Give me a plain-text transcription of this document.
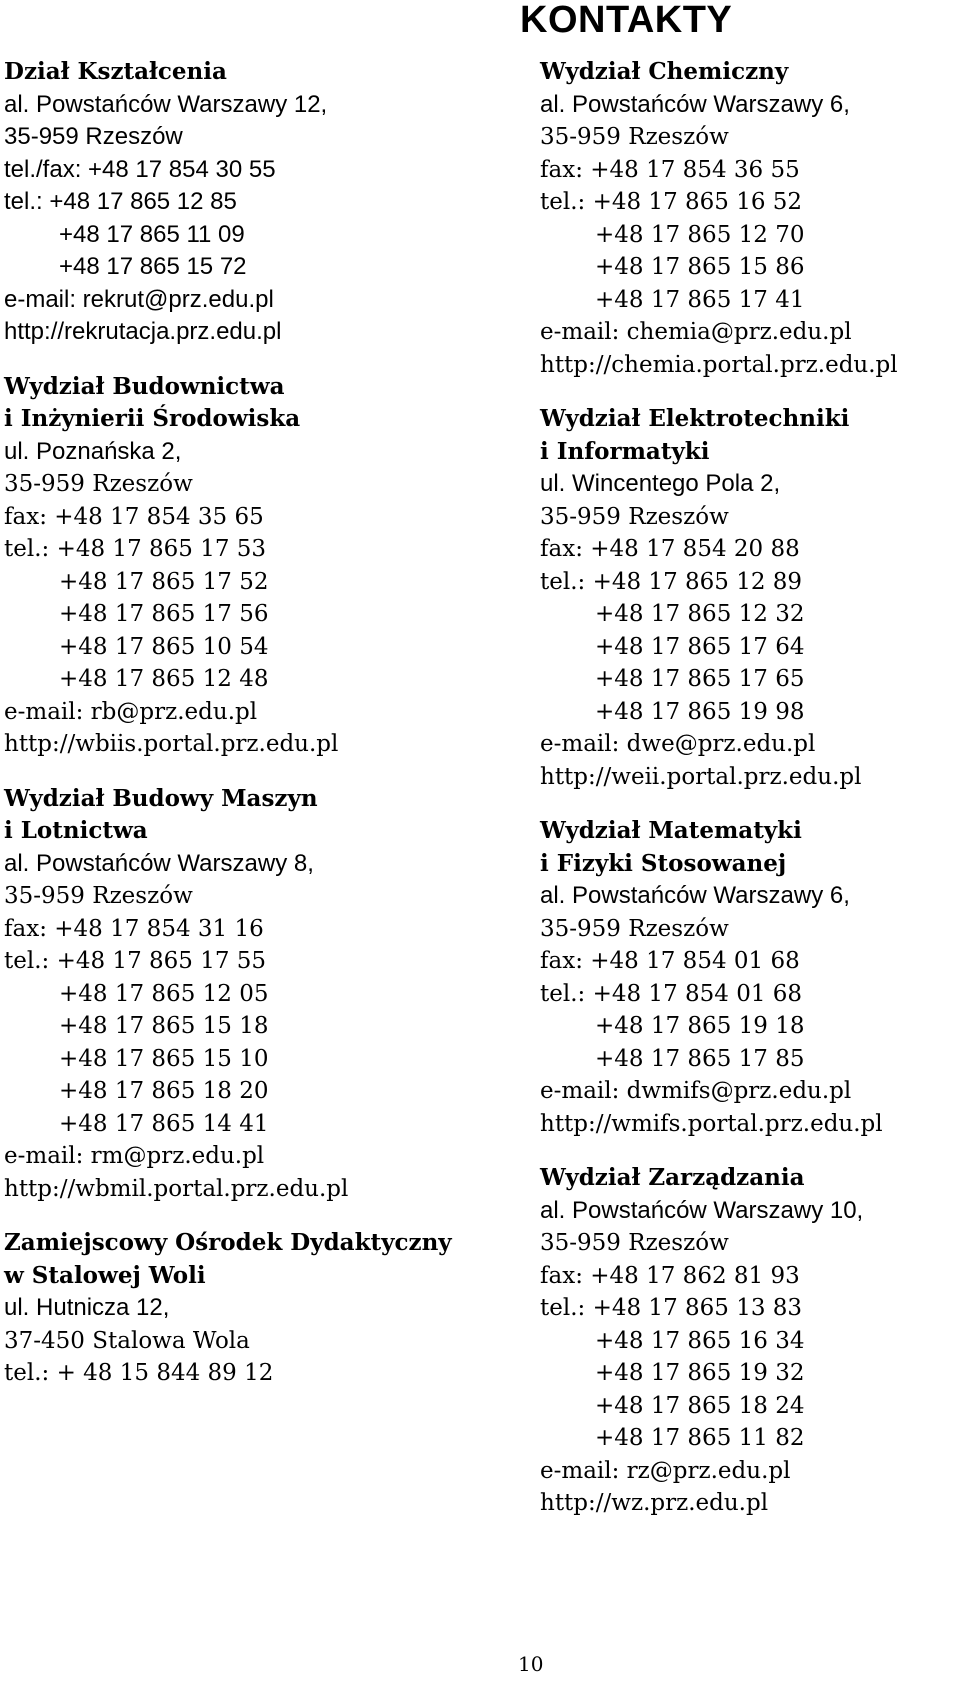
KONTAKTY
Dział Kształcenia
al. Powstańców Warszawy 12,
35-959 Rzeszów
tel./fax: +48 17 854 30 55
tel.: +48 17 865 12 85
+48 17 865 11 09
+48 17 865 15 72
e-mail: rekrut@prz.edu.pl
http://rekrutacja.prz.edu.pl
Wydział Budownictwa
i Inżynierii Środowiska
ul. Poznańska 2,
35-959 Rzeszów
fax: +48 17 854 35 65
tel.: +48 17 865 17 53
+48 17 865 17 52
+48 17 865 17 56
+48 17 865 10 54
+48 17 865 12 48
e-mail: rb@prz.edu.pl
http://wbiis.portal.prz.edu.pl
Wydział Budowy Maszyn
i Lotnictwa
al. Powstańców Warszawy 8,
35-959 Rzeszów
fax: +48 17 854 31 16
tel.: +48 17 865 17 55
+48 17 865 12 05
+48 17 865 15 18
+48 17 865 15 10
+48 17 865 18 20
+48 17 865 14 41
e-mail: rm@prz.edu.pl
http://wbmil.portal.prz.edu.pl
Zamiejscowy Ośrodek Dydaktyczny
w Stalowej Woli
ul. Hutnicza 12,
37-450 Stalowa Wola
tel.: + 48 15 844 89 12
Wydział Chemiczny
al. Powstańców Warszawy 6,
35-959 Rzeszów
fax: +48 17 854 36 55
tel.: +48 17 865 16 52
+48 17 865 12 70
+48 17 865 15 86
+48 17 865 17 41
e-mail: chemia@prz.edu.pl
http://chemia.portal.prz.edu.pl
Wydział Elektrotechniki
i Informatyki
ul. Wincentego Pola 2,
35-959 Rzeszów
fax: +48 17 854 20 88
tel.: +48 17 865 12 89
+48 17 865 12 32
+48 17 865 17 64
+48 17 865 17 65
+48 17 865 19 98
e-mail: dwe@prz.edu.pl
http://weii.portal.prz.edu.pl
Wydział Matematyki
i Fizyki Stosowanej
al. Powstańców Warszawy 6,
35-959 Rzeszów
fax: +48 17 854 01 68
tel.: +48 17 854 01 68
+48 17 865 19 18
+48 17 865 17 85
e-mail: dwmifs@prz.edu.pl
http://wmifs.portal.prz.edu.pl
Wydział Zarządzania
al. Powstańców Warszawy 10,
35-959 Rzeszów
fax: +48 17 862 81 93
tel.: +48 17 865 13 83
+48 17 865 16 34
+48 17 865 19 32
+48 17 865 18 24
+48 17 865 11 82
e-mail: rz@prz.edu.pl
http://wz.prz.edu.pl
10
